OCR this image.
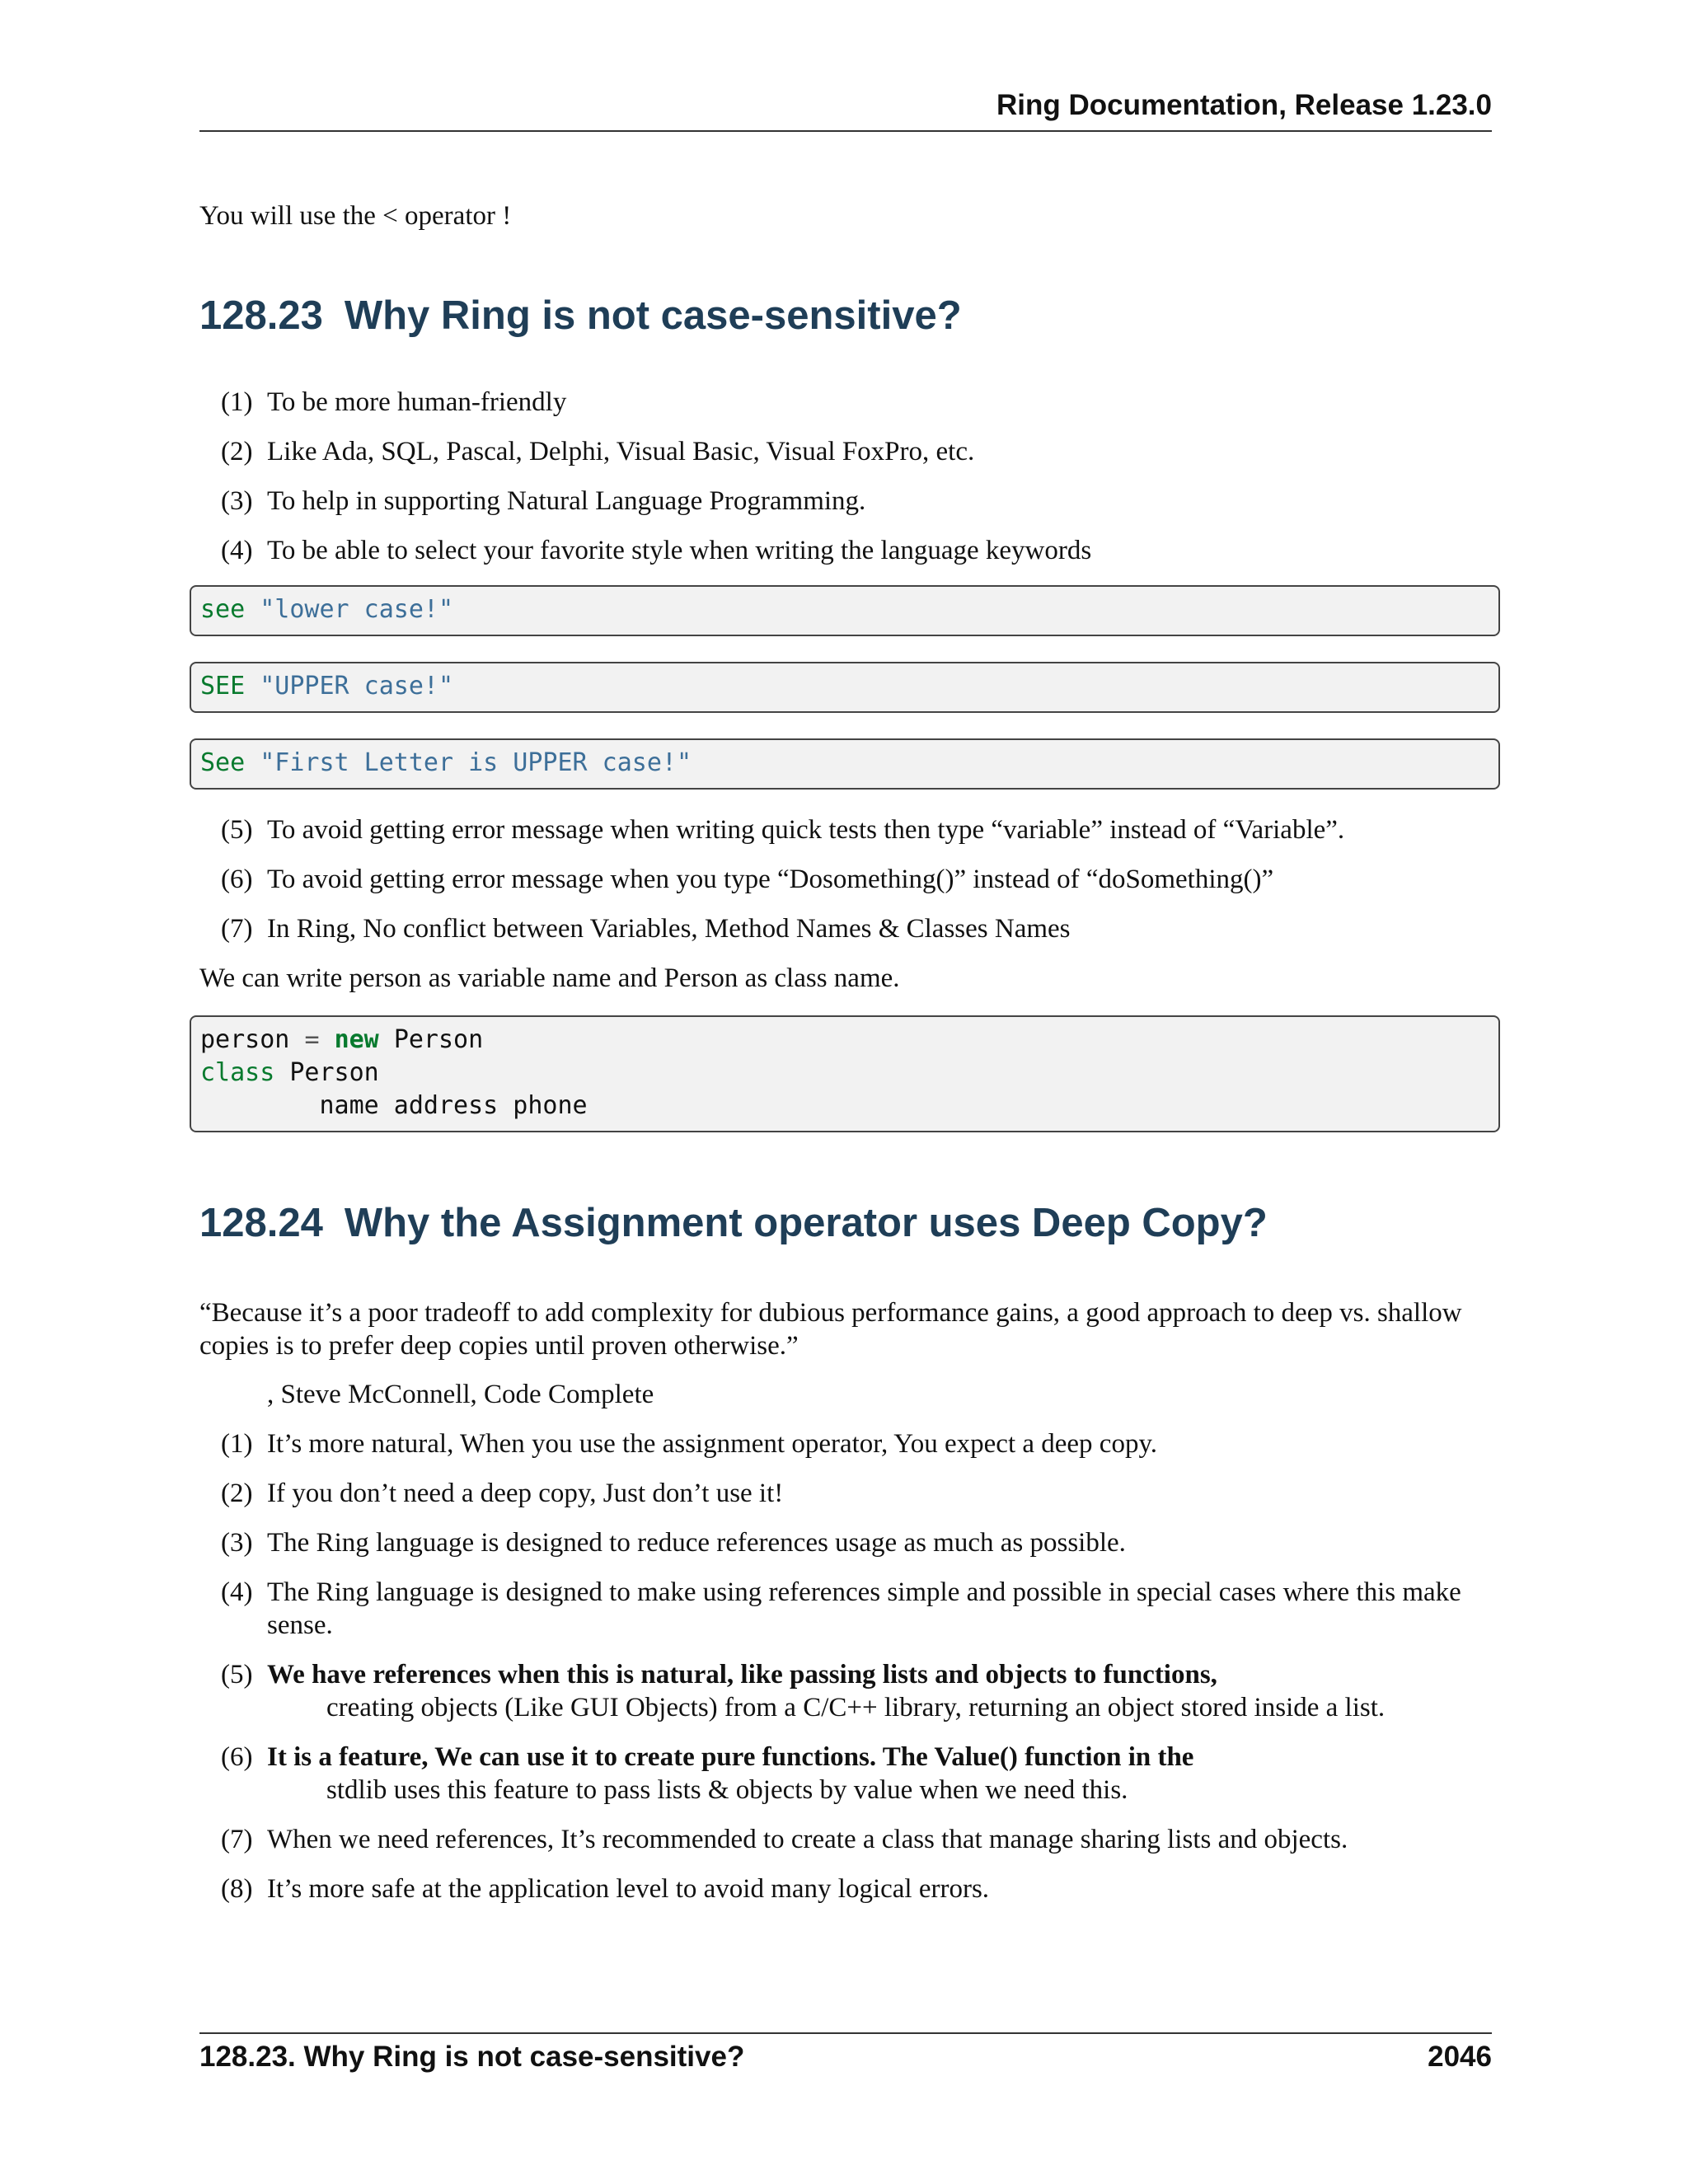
Ring Documentation, Release 1.23.0
You will use the < operator !
128.23 Why Ring is not case-sensitive?
(1) To be more human-friendly
(2) Like Ada, SQL, Pascal, Delphi, Visual Basic, Visual FoxPro, etc.
(3) To help in supporting Natural Language Programming.
(4) To be able to select your favorite style when writing the language keywords
see "lower case!"
SEE "UPPER case!"
See "First Letter is UPPER case!"
(5) To avoid getting error message when writing quick tests then type “variable” instead of “Variable”.
(6) To avoid getting error message when you type “Dosomething()” instead of “doSomething()”
(7) In Ring, No conflict between Variables, Method Names & Classes Names
We can write person as variable name and Person as class name.
person = new Person
class Person
name address phone
128.24 Why the Assignment operator uses Deep Copy?
“Because it’s a poor tradeoff to add complexity for dubious performance gains, a good approach to deep vs. shallow
copies is to prefer deep copies until proven otherwise.”
, Steve McConnell, Code Complete
(1) It’s more natural, When you use the assignment operator, You expect a deep copy.
(2) If you don’t need a deep copy, Just don’t use it!
(3) The Ring language is designed to reduce references usage as much as possible.
(4) The Ring language is designed to make using references simple and possible in special cases where this make
sense.
(5) We have references when this is natural, like passing lists and objects to functions,
creating objects (Like GUI Objects) from a C/C++ library, returning an object stored inside a list.
(6) It is a feature, We can use it to create pure functions. The Value() function in the
stdlib uses this feature to pass lists & objects by value when we need this.
(7) When we need references, It’s recommended to create a class that manage sharing lists and objects.
(8) It’s more safe at the application level to avoid many logical errors.
128.23. Why Ring is not case-sensitive?	2046
